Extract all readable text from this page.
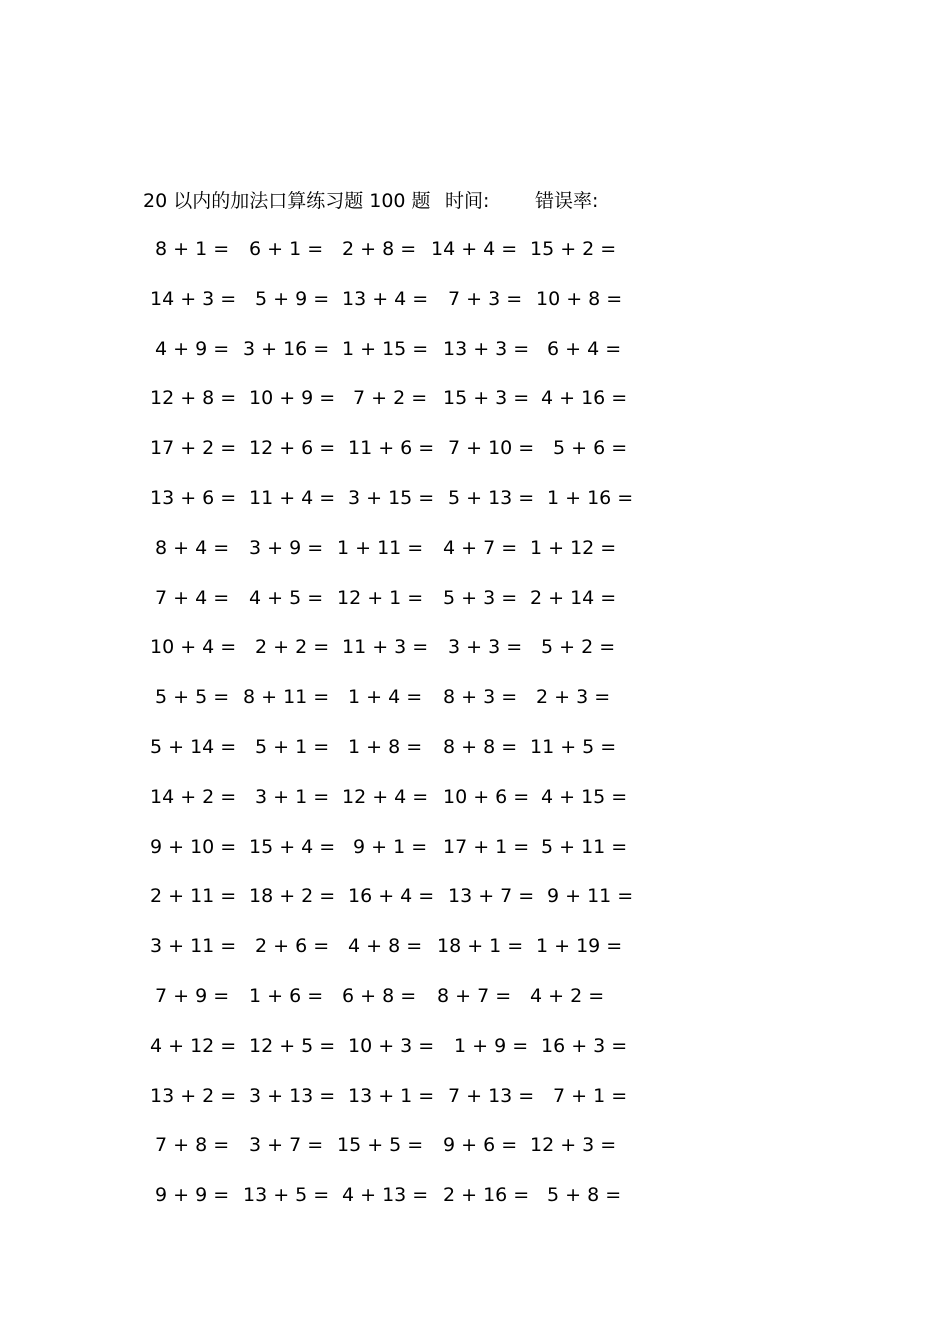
20 以内的加法口算练习题 100 题 时间: 错误率:
8 + 1 = 6 + 1 = 2 + 8 = 14 + 4 = 15 + 2 =
14 + 3 = 5 + 9 = 13 + 4 = 7 + 3 = 10 + 8 =
4 + 9 = 3 + 16 = 1 + 15 = 13 + 3 = 6 + 4 =
12 + 8 = 10 + 9 = 7 + 2 = 15 + 3 = 4 + 16 =
17 + 2 = 12 + 6 = 11 + 6 = 7 + 10 = 5 + 6 =
13 + 6 = 11 + 4 = 3 + 15 = 5 + 13 = 1 + 16 =
8 + 4 = 3 + 9 = 1 + 11 = 4 + 7 = 1 + 12 =
7 + 4 = 4 + 5 = 12 + 1 = 5 + 3 = 2 + 14 =
10 + 4 = 2 + 2 = 11 + 3 = 3 + 3 = 5 + 2 =
5 + 5 = 8 + 11 = 1 + 4 = 8 + 3 = 2 + 3 =
5 + 14 = 5 + 1 = 1 + 8 = 8 + 8 = 11 + 5 =
14 + 2 = 3 + 1 = 12 + 4 = 10 + 6 = 4 + 15 =
9 + 10 = 15 + 4 = 9 + 1 = 17 + 1 = 5 + 11 =
2 + 11 = 18 + 2 = 16 + 4 = 13 + 7 = 9 + 11 =
3 + 11 = 2 + 6 = 4 + 8 = 18 + 1 = 1 + 19 =
7 + 9 = 1 + 6 = 6 + 8 = 8 + 7 = 4 + 2 =
4 + 12 = 12 + 5 = 10 + 3 = 1 + 9 = 16 + 3 =
13 + 2 = 3 + 13 = 13 + 1 = 7 + 13 = 7 + 1 =
7 + 8 = 3 + 7 = 15 + 5 = 9 + 6 = 12 + 3 =
9 + 9 = 13 + 5 = 4 + 13 = 2 + 16 = 5 + 8 =
